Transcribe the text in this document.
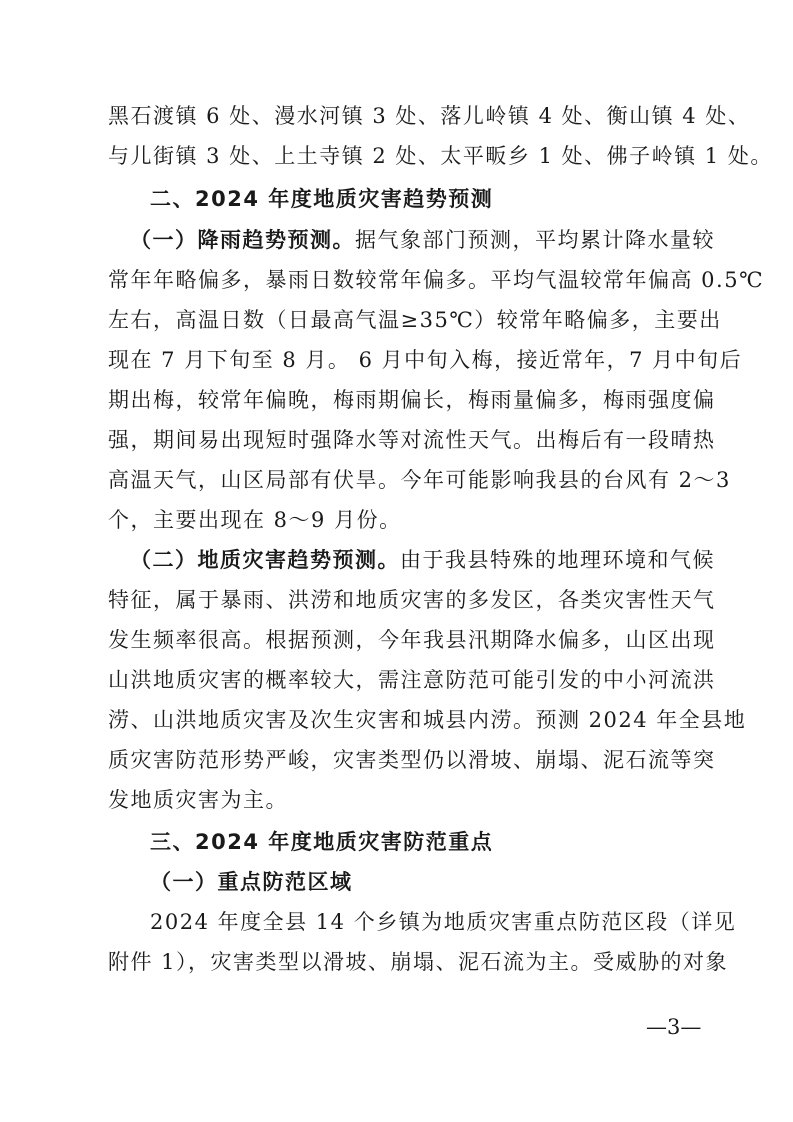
黑石渡镇 6 处、漫水河镇 3 处、落儿岭镇 4 处、衡山镇 4 处、
与儿街镇 3 处、上土寺镇 2 处、太平畈乡 1 处、佛子岭镇 1 处。
二、2024 年度地质灾害趋势预测
（一）降雨趋势预测。据气象部门预测，平均累计降水量较
常年年略偏多，暴雨日数较常年偏多。平均气温较常年偏高 0.5℃
左右，高温日数（日最高气温≥35℃）较常年略偏多，主要出
现在 7 月下旬至 8 月。 6 月中旬入梅，接近常年，7 月中旬后
期出梅，较常年偏晚，梅雨期偏长，梅雨量偏多，梅雨强度偏
强，期间易出现短时强降水等对流性天气。出梅后有一段晴热
高温天气，山区局部有伏旱。今年可能影响我县的台风有 2～3
个，主要出现在 8～9 月份。
（二）地质灾害趋势预测。由于我县特殊的地理环境和气候
特征，属于暴雨、洪涝和地质灾害的多发区，各类灾害性天气
发生频率很高。根据预测，今年我县汛期降水偏多，山区出现
山洪地质灾害的概率较大，需注意防范可能引发的中小河流洪
涝、山洪地质灾害及次生灾害和城县内涝。预测 2024 年全县地
质灾害防范形势严峻，灾害类型仍以滑坡、崩塌、泥石流等突
发地质灾害为主。
三、2024 年度地质灾害防范重点
（一）重点防范区域
2024 年度全县 14 个乡镇为地质灾害重点防范区段（详见
附件 1），灾害类型以滑坡、崩塌、泥石流为主。受威胁的对象
—3—
